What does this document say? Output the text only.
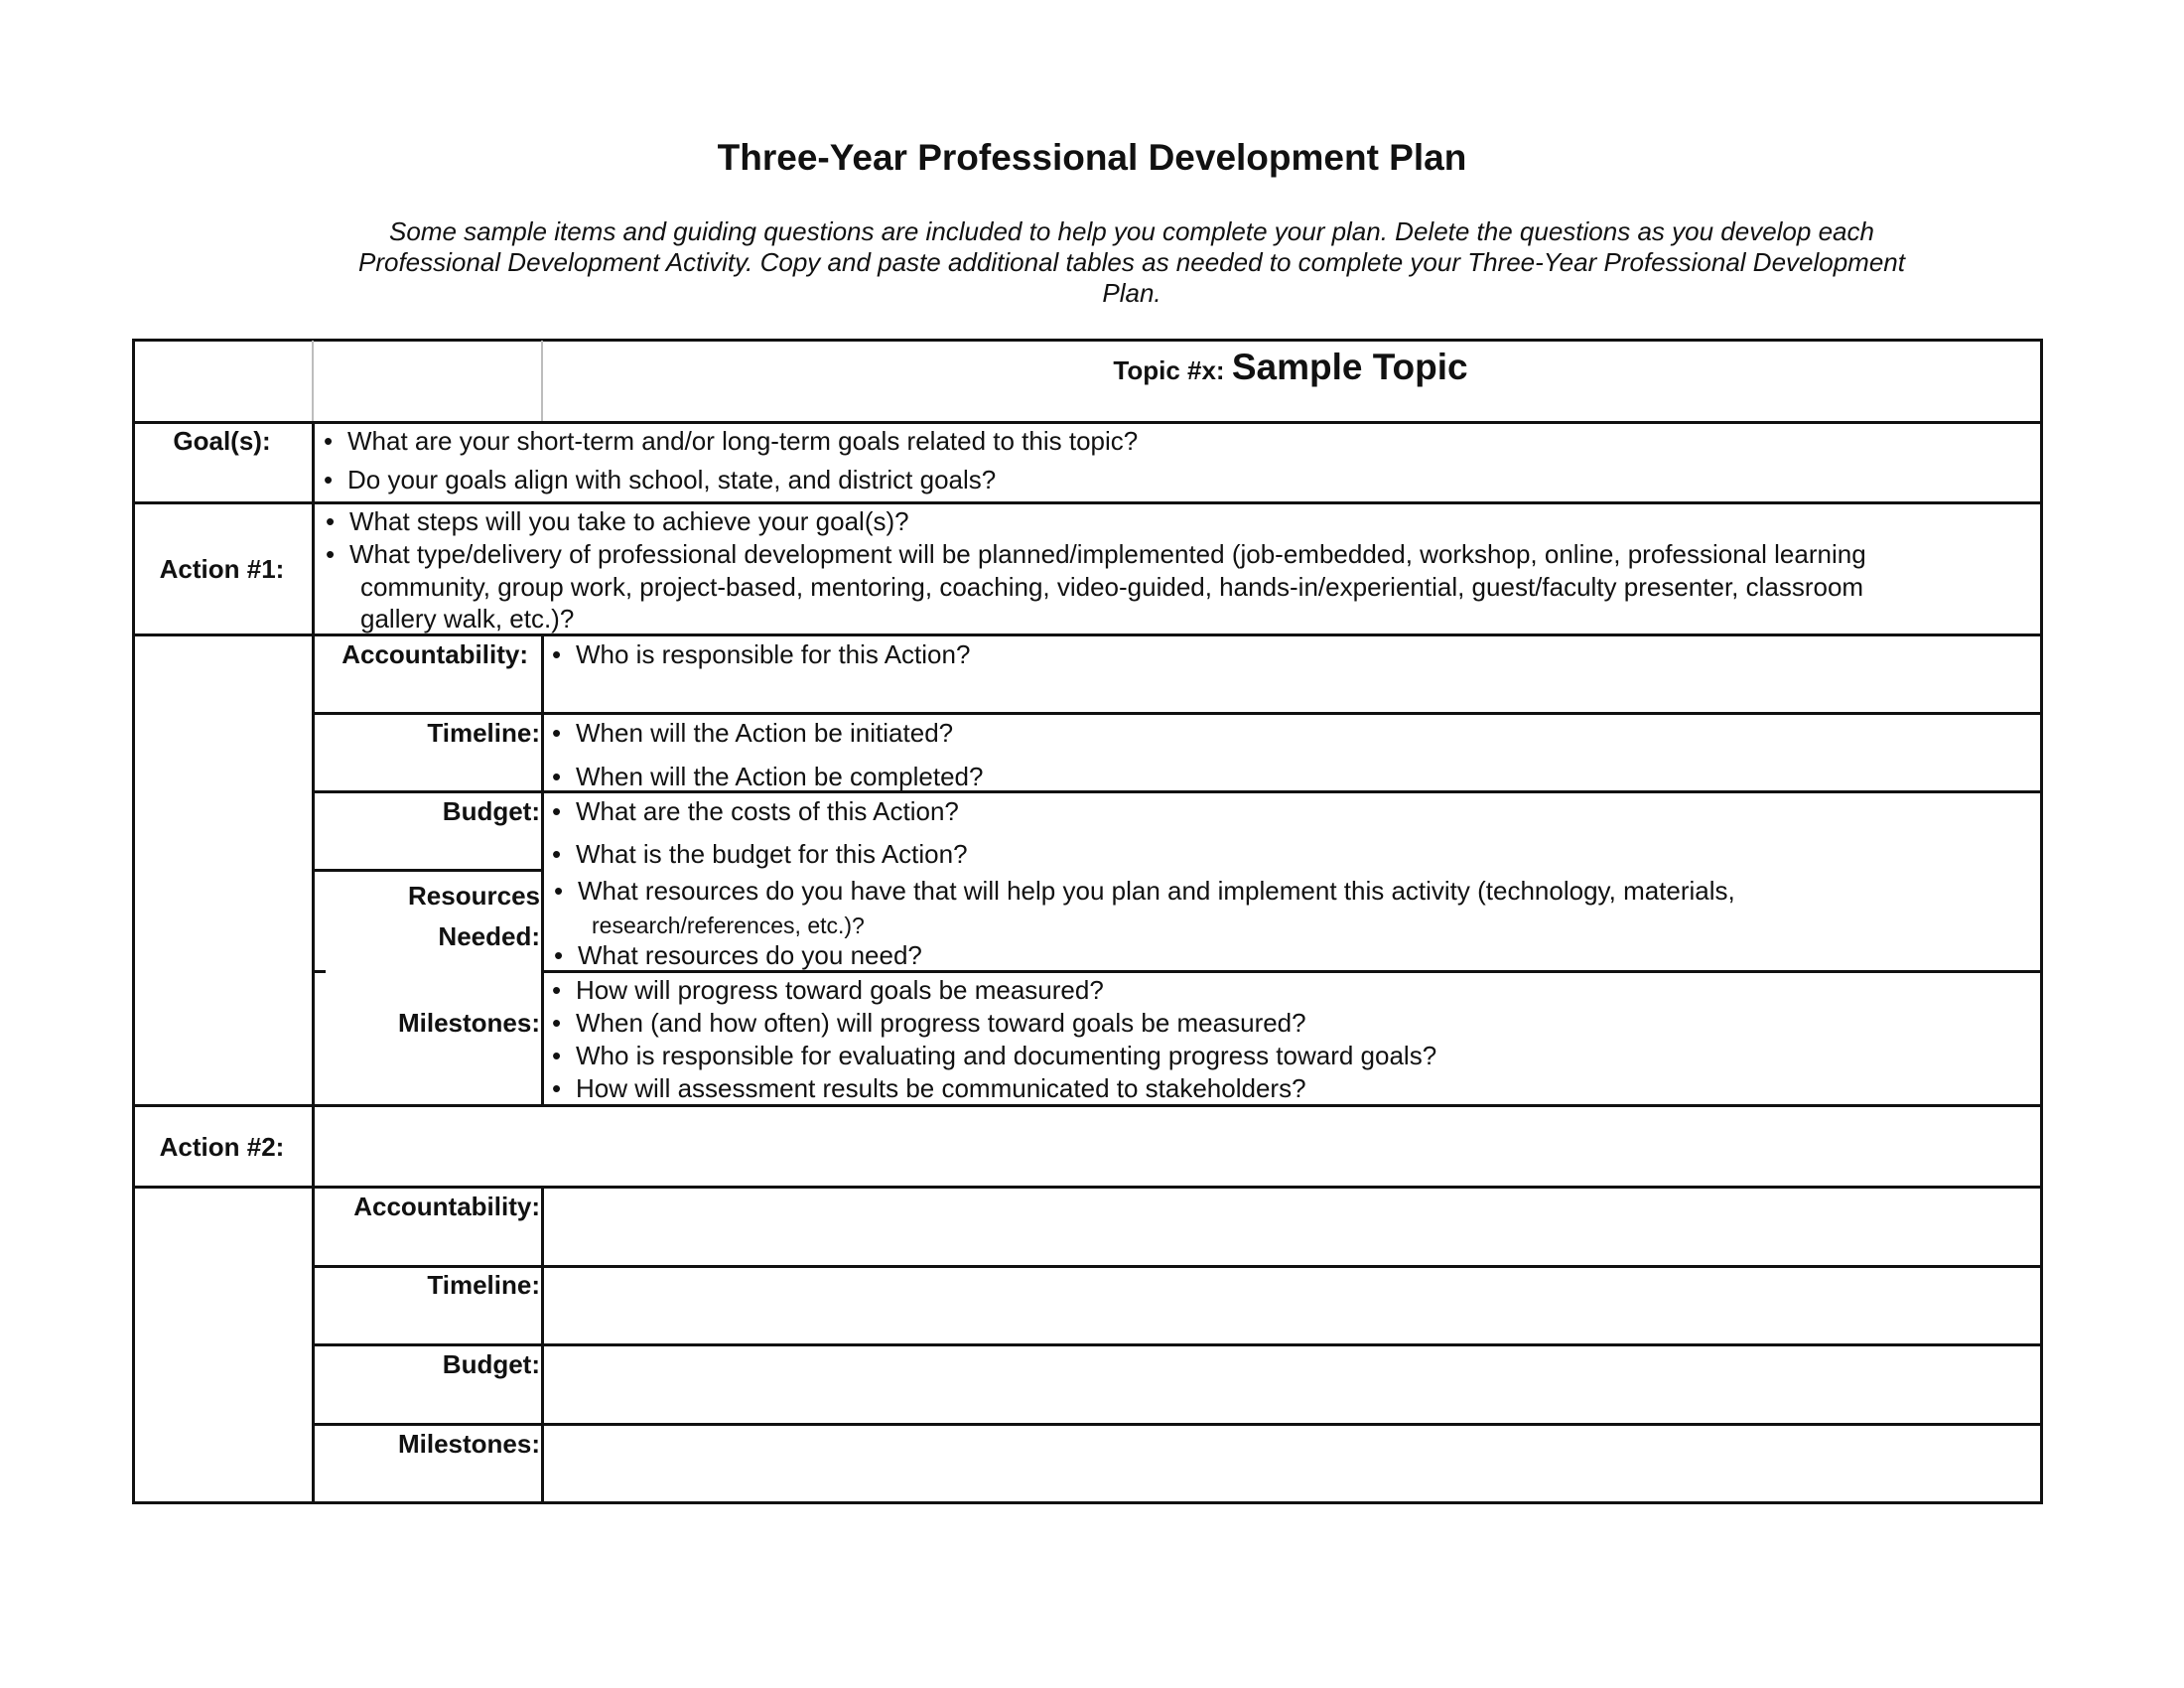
Three-Year Professional Development Plan
Some sample items and guiding questions are included to help you complete your plan. Delete the questions as you develop each
Professional Development Activity. Copy and paste additional tables as needed to complete your Three-Year Professional Development
Plan.
Topic #x: Sample Topic
Goal(s):	• What are your short-term and/or long-term goals related to this topic?
• Do your goals align with school, state, and district goals?
Action #1:
• What steps will you take to achieve your goal(s)?
• What type/delivery of professional development will be planned/implemented (job-embedded, workshop, online, professional learning
community, group work, project-based, mentoring, coaching, video-guided, hands-in/experiential, guest/faculty presenter, classroom
gallery walk, etc.)?
Accountability: • Who is responsible for this Action?
Timeline: • When will the Action be initiated?
• When will the Action be completed?
Budget: • What are the costs of this Action?
• What is the budget for this Action?
Resources
Needed:
• What resources do you have that will help you plan and implement this activity (technology, materials,
research/references, etc.)?
• What resources do you need?
Milestones:
• How will progress toward goals be measured?
• When (and how often) will progress toward goals be measured?
• Who is responsible for evaluating and documenting progress toward goals?
• How will assessment results be communicated to stakeholders?
Action #2:
Accountability:
Timeline:
Budget:
Milestones:
